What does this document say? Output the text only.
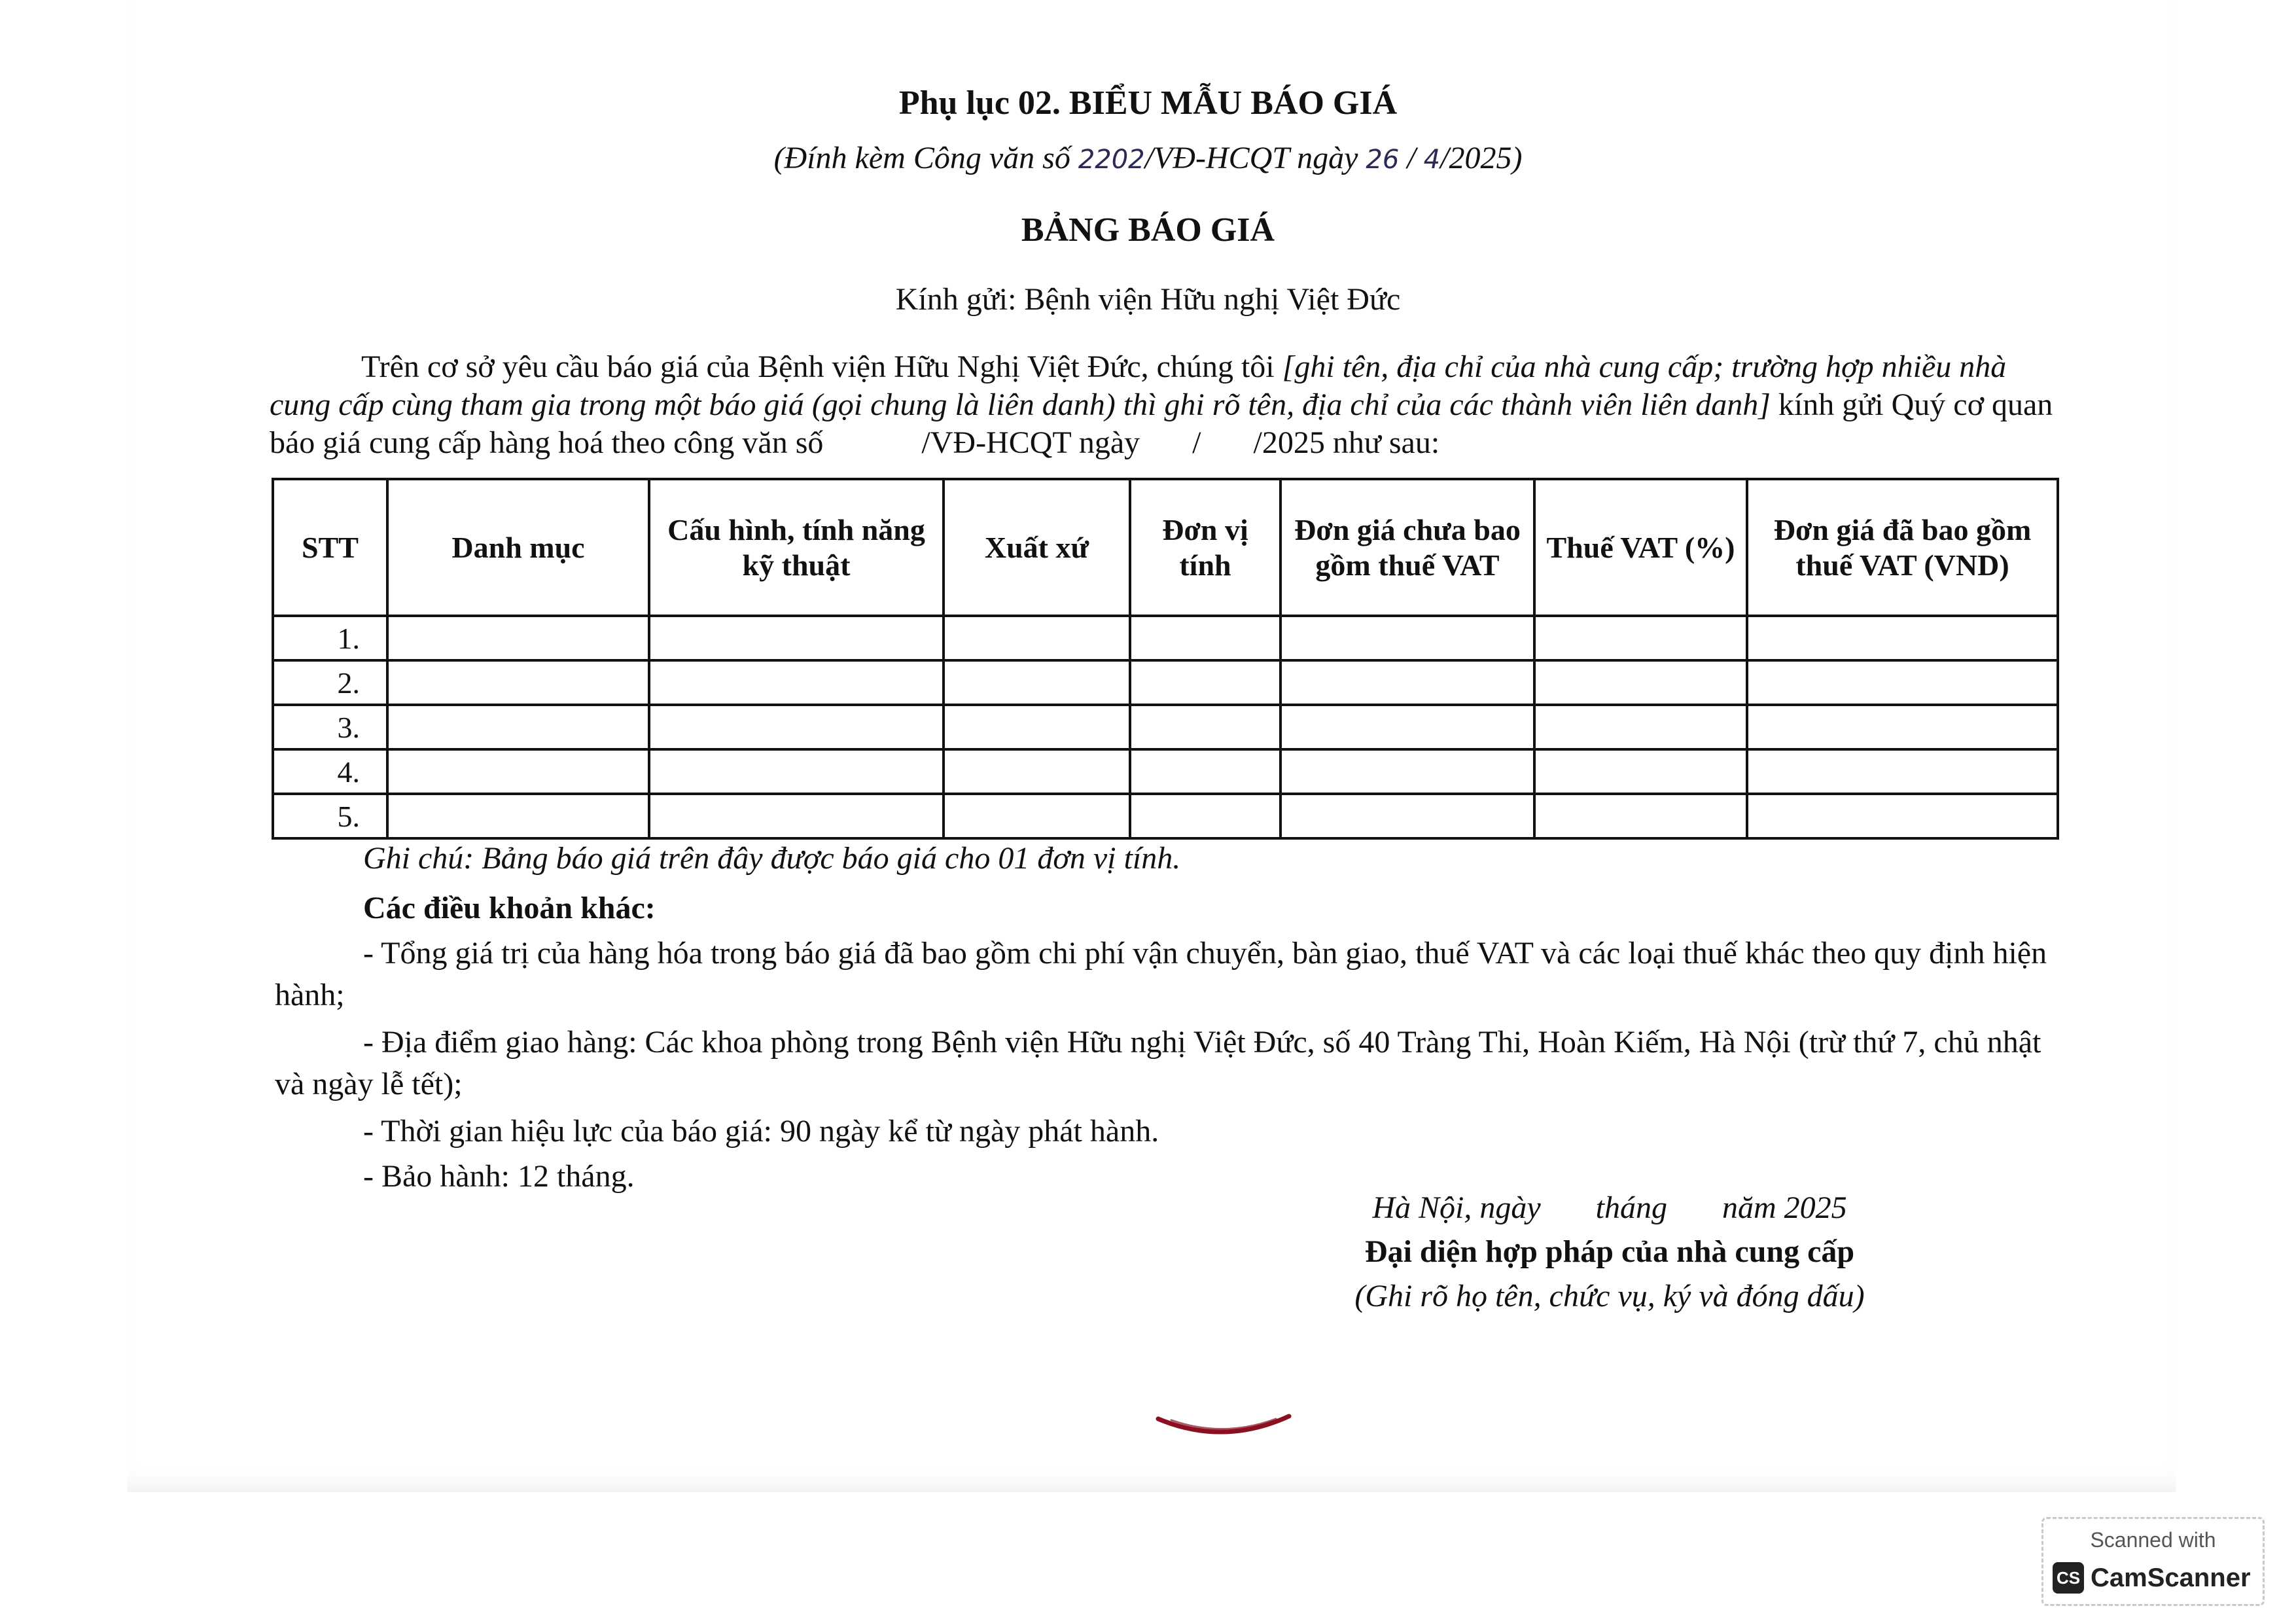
Phụ lục 02. BIỂU MẪU BÁO GIÁ
(Đính kèm Công văn số 2202/VĐ-HCQT ngày 26 / 4/2025)
BẢNG BÁO GIÁ
Kính gửi: Bệnh viện Hữu nghị Việt Đức
Trên cơ sở yêu cầu báo giá của Bệnh viện Hữu Nghị Việt Đức, chúng tôi [ghi tên, địa chỉ của nhà cung cấp; trường hợp nhiều nhà cung cấp cùng tham gia trong một báo giá (gọi chung là liên danh) thì ghi rõ tên, địa chỉ của các thành viên liên danh] kính gửi Quý cơ quan báo giá cung cấp hàng hoá theo công văn số	/VĐ-HCQT ngày / /2025 như sau:
STT	Danh mục	Cấu hình, tính năng kỹ thuật	Xuất xứ	Đơn vị tính	Đơn giá chưa bao gồm thuế VAT	Thuế VAT (%)	Đơn giá đã bao gồm thuế VAT (VND)
1.							
2.							
3.							
4.							
5.							
Ghi chú: Bảng báo giá trên đây được báo giá cho 01 đơn vị tính.
Các điều khoản khác:
- Tổng giá trị của hàng hóa trong báo giá đã bao gồm chi phí vận chuyển, bàn giao, thuế VAT và các loại thuế khác theo quy định hiện hành;
- Địa điểm giao hàng: Các khoa phòng trong Bệnh viện Hữu nghị Việt Đức, số 40 Tràng Thi, Hoàn Kiếm, Hà Nội (trừ thứ 7, chủ nhật và ngày lễ tết);
- Thời gian hiệu lực của báo giá: 90 ngày kể từ ngày phát hành.
- Bảo hành: 12 tháng.
Hà Nội, ngày       tháng       năm 2025
Đại diện hợp pháp của nhà cung cấp
(Ghi rõ họ tên, chức vụ, ký và đóng dấu)
Scanned with
CS CamScanner
